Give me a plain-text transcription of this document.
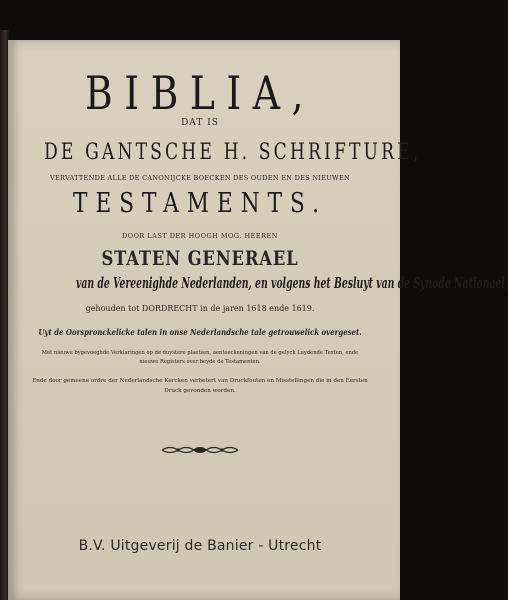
BIBLIA,
DAT IS
DE GANTSCHE H. SCHRIFTURE,
VERVATTENDE ALLE DE CANONIJCKE BOECKEN DES OUDEN EN DES NIEUWEN
TESTAMENTS.
DOOR LAST DER HOOGH MOG. HEEREN
STATEN GENERAEL
van de Vereenighde Nederlanden, en volgens het Besluyt van de Synode Nationael,
gehouden tot DORDRECHT in de jaren 1618 ende 1619.
Uyt de Oorspronckelicke talen in onse Nederlandsche tale getrouwelick overgeset.
Met nieuwe bygevoeghde Verklaringen op de duystere plaetsen, aenteeckeningen van de gelyck Luydende Texten, ende
nieuwe Registers over beyde de Testamenten.
Ende door gemeene ordre der Nederlandsche Kercken verbetert van Druckfouten en Misstellingen die in den Eersten
Druck gevonden worden.
B.V. Uitgeverij de Banier - Utrecht
